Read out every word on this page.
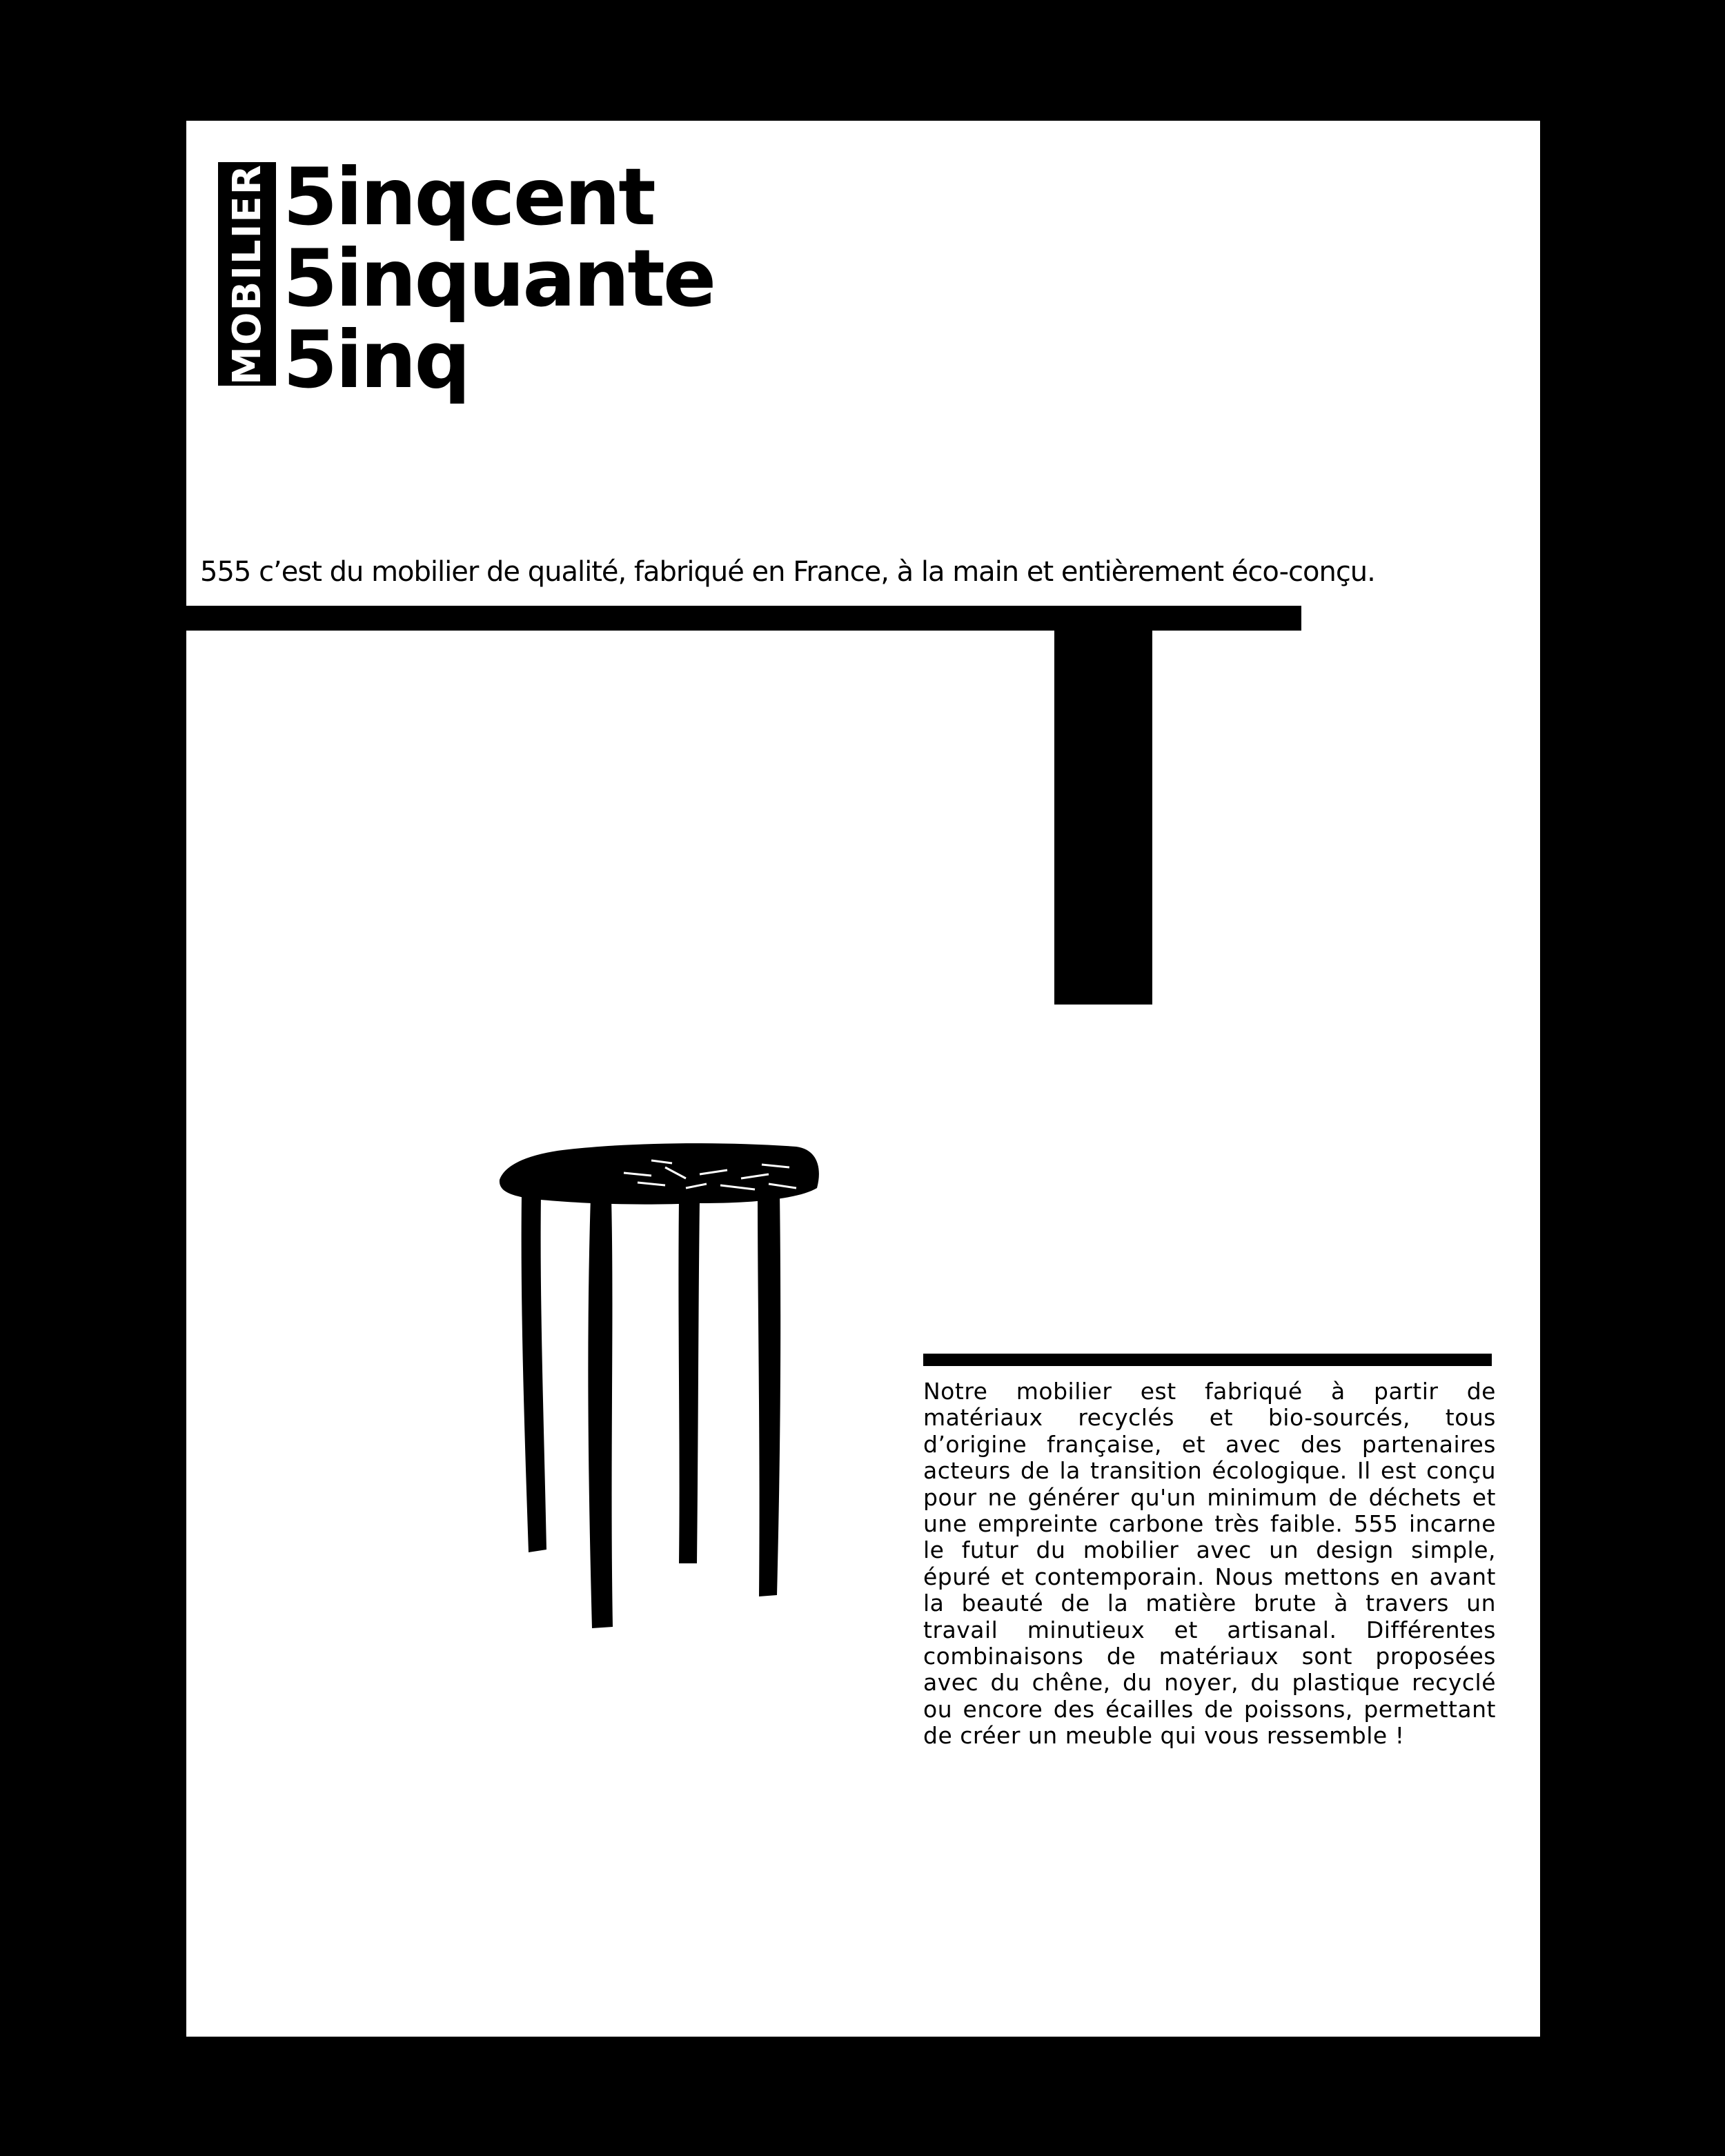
MOBILIER 5inqcent
5inquante
5inq
555 c’est du mobilier de qualité, fabriqué en France, à la main et entièrement éco-conçu.
Notre mobilier est fabriqué à partir de matériaux recyclés et bio-sourcés, tous d’origine française, et avec des partenaires acteurs de la transition écologique. Il est conçu pour ne générer qu'un minimum de déchets et une empreinte carbone très faible. 555 incarne le futur du mobilier avec un design simple, épuré et contemporain. Nous mettons en avant la beauté de la matière brute à travers un travail minutieux et artisanal. Différentes combinaisons de matériaux sont proposées avec du chêne, du noyer, du plastique recyclé ou encore des écailles de poissons, permettant de créer un meuble qui vous ressemble !
